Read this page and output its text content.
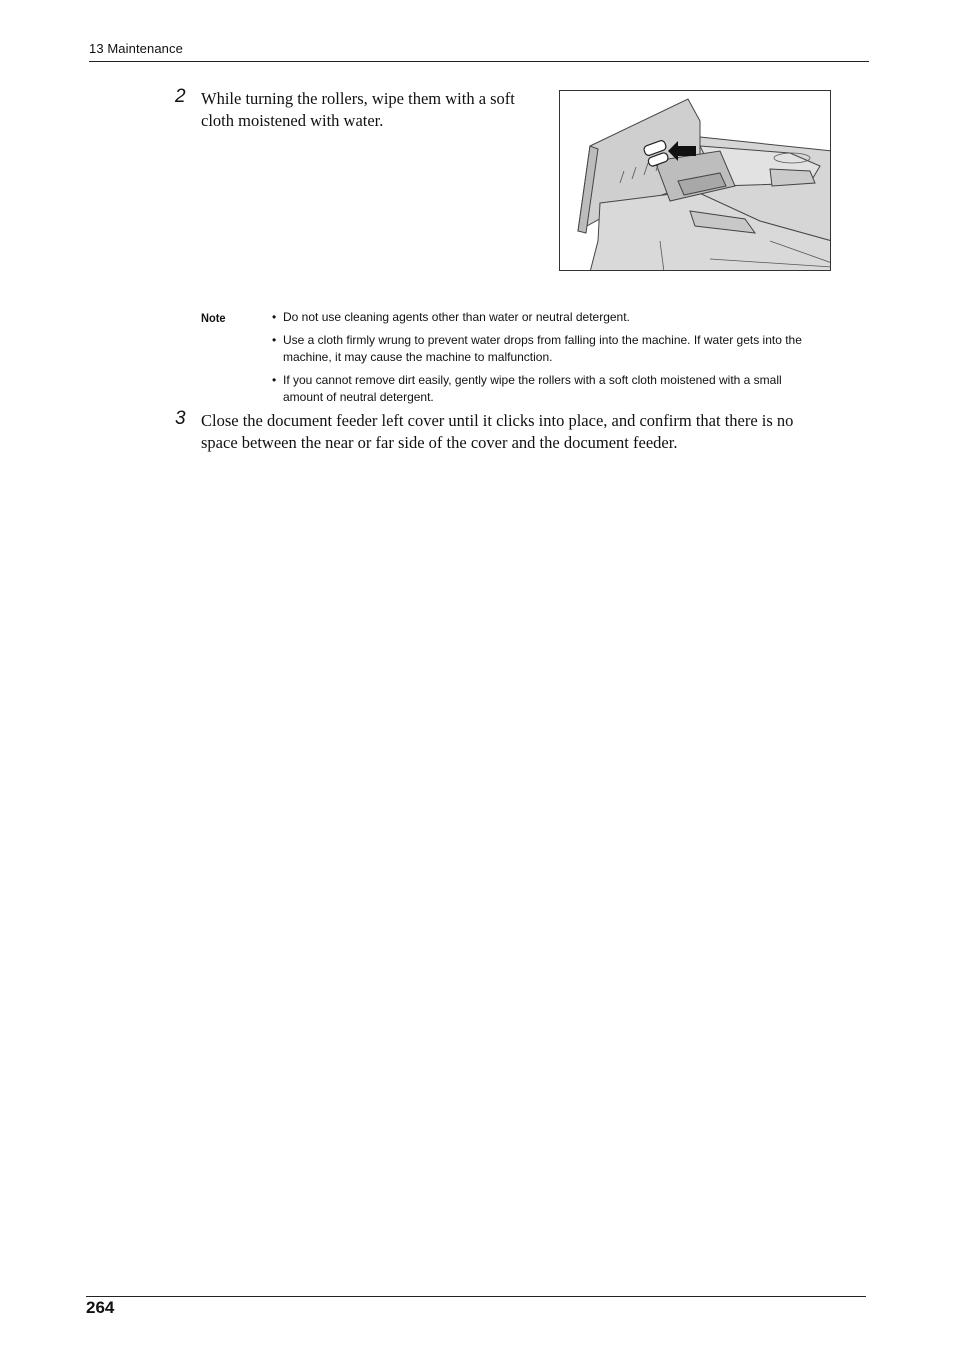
13 Maintenance
2 While turning the rollers, wipe them with a soft
cloth moistened with water.
Note	• Do not use cleaning agents other than water or neutral detergent.
• Use a cloth firmly wrung to prevent water drops from falling into the machine. If water gets into the
machine, it may cause the machine to malfunction.
• If you cannot remove dirt easily, gently wipe the rollers with a soft cloth moistened with a small
amount of neutral detergent.
3 Close the document feeder left cover until it clicks into place, and confirm that there is no
space between the near or far side of the cover and the document feeder.
264
